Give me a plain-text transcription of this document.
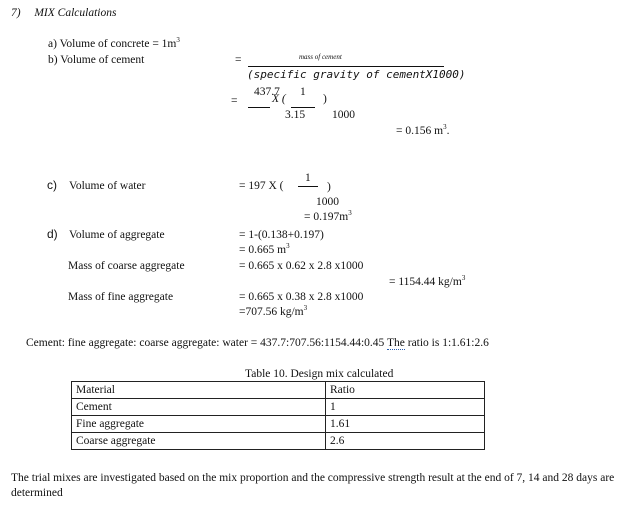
7) MIX Calculations
a) Volume of concrete = $1m^3$
b) Volume of cement	=	mass of cement
(specific gravity of cementX1000)
=
437.7
X (
1
)
3.15 1000
= 0.156 $m^3$.
c) Volume of water	= 197 X (
1
)
1000
= $0.197m^3$
d) Volume of aggregate	= 1-(0.138+0.197)
= 0.665 $m^3$
Mass of coarse aggregate	= 0.665 x 0.62 x 2.8 x1000
= 1154.44 $kg/m^3$
Mass of fine aggregate	= 0.665 x 0.38 x 2.8 x1000
=707.56 $kg/m^3$
Cement: fine aggregate: coarse aggregate: water = 437.7:707.56:1154.44:0.45 The ratio is 1:1.61:2.6
Table 10. Design mix calculated
Material	Ratio
Cement	1
Fine aggregate	1.61
Coarse aggregate	2.6
The trial mixes are investigated based on the mix proportion and the compressive strength result at the end of 7, 14 and 28 days are
determined
